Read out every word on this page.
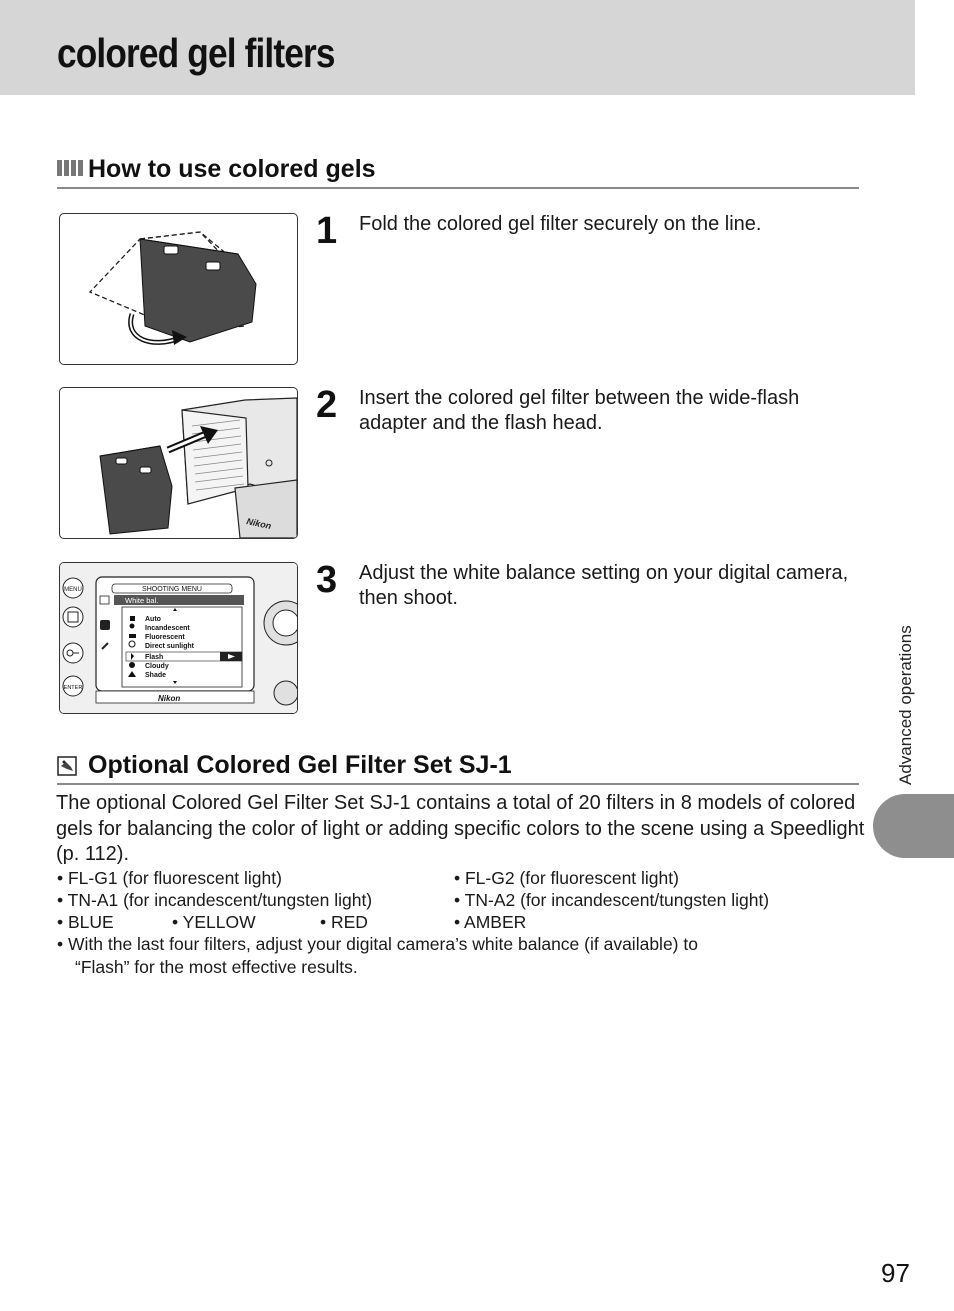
colored gel filters
How to use colored gels
1 Fold the colored gel filter securely on the line.
Nikon
2 Insert the colored gel filter between the wide-flash adapter and the flash head.
SHOOTING MENU
White bal.
Auto
Incandescent
Fluorescent
Direct sunlight
Flash
Cloudy
Shade
Nikon
MENU
ENTER
3 Adjust the white balance setting on your digital camera, then shoot.
Optional Colored Gel Filter Set SJ-1

The optional Colored Gel Filter Set SJ-1 contains a total of 20 filters in 8 models of colored gels for balancing the color of light or adding specific colors to the scene using a Speedlight (p. 112).

• FL-G1 (for fluorescent light)	• FL-G2 (for fluorescent light)
• TN-A1 (for incandescent/tungsten light)	• TN-A2 (for incandescent/tungsten light)
• BLUE	• YELLOW	• RED	• AMBER
• With the last four filters, adjust your digital camera’s white balance (if available) to
“Flash” for the most effective results.
Advanced operations
97
